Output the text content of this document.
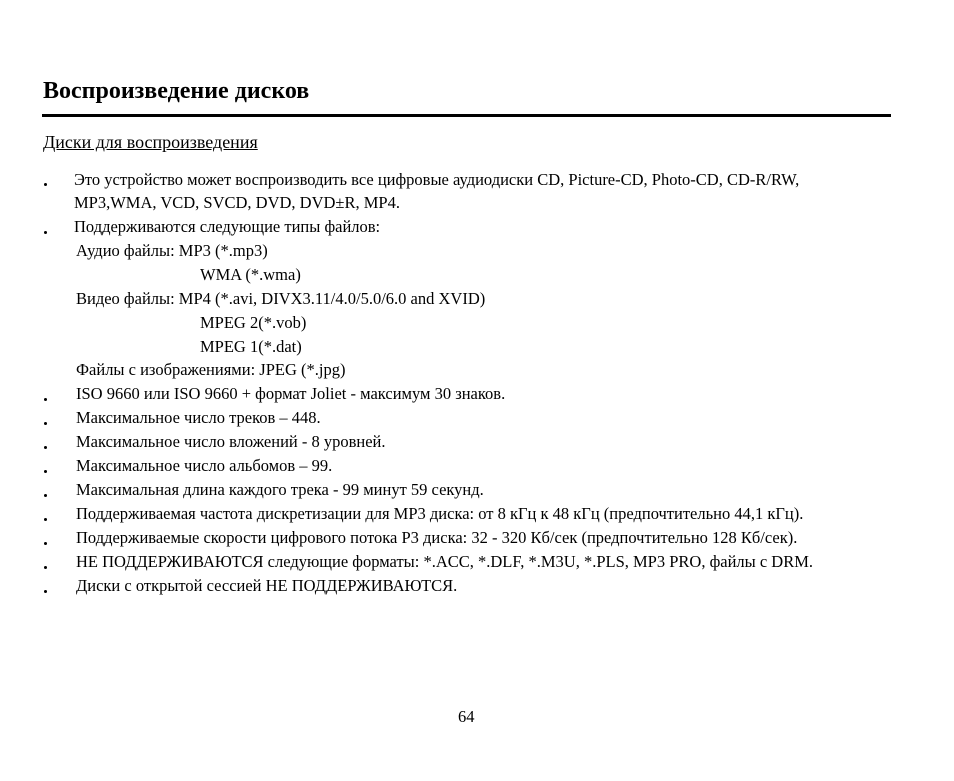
Воспроизведение дисков
Диски для воспроизведения
Это устройство может воспроизводить все цифровые аудиодиски CD, Picture-CD, Photo-CD, CD-R/RW,
MP3,WMA, VCD, SVCD, DVD, DVD±R, MP4.
Поддерживаются следующие типы файлов:
Аудио файлы: MP3 (*.mp3)
WMA (*.wma)
Видео файлы: MP4 (*.avi, DIVX3.11/4.0/5.0/6.0 and XVID)
MPEG 2(*.vob)
MPEG 1(*.dat)
Файлы с изображениями: JPEG (*.jpg)
ISO 9660 или ISO 9660 + формат Joliet - максимум 30 знаков.
Максимальное число треков – 448.
Максимальное число вложений - 8 уровней.
Максимальное число альбомов – 99.
Максимальная длина каждого трека - 99 минут 59 секунд.
Поддерживаемая частота дискретизации для MP3 диска: от 8 кГц к 48 кГц (предпочтительно 44,1 кГц).
Поддерживаемые скорости цифрового потока P3 диска: 32 - 320 Кб/сек (предпочтительно 128 Кб/сек).
НЕ ПОДДЕРЖИВАЮТСЯ следующие форматы: *.ACC, *.DLF, *.M3U, *.PLS, MP3 PRO, файлы с DRM.
Диски с открытой сессией НЕ ПОДДЕРЖИВАЮТСЯ.
64
